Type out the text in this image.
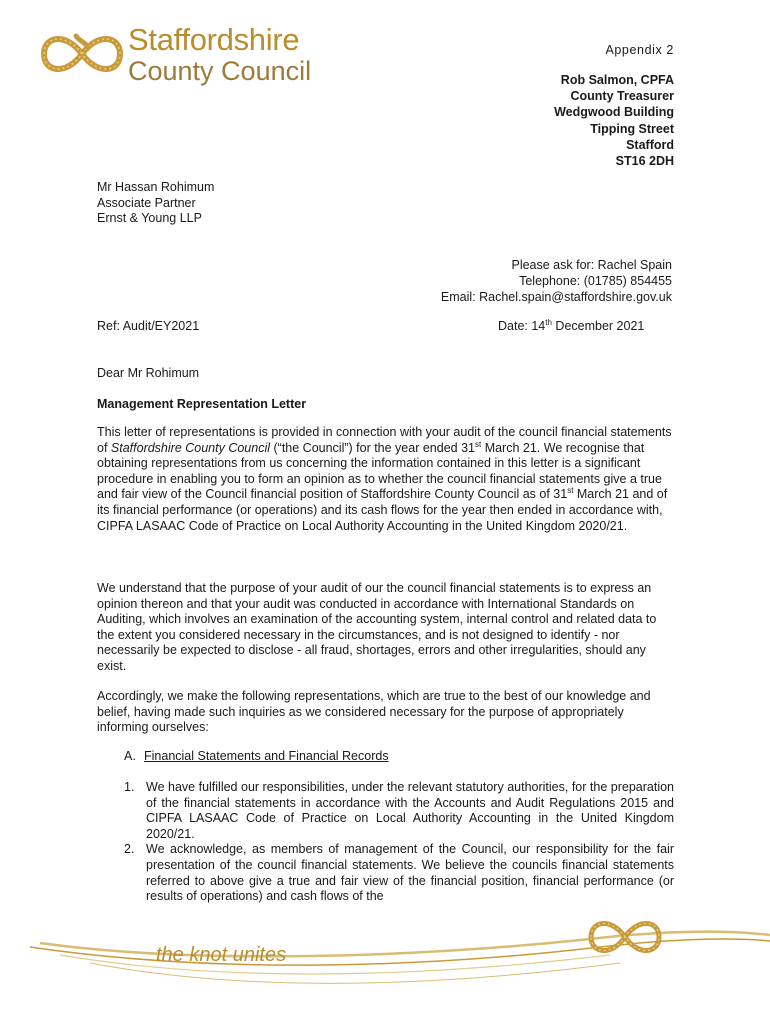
Staffordshire
County Council
Appendix 2
Rob Salmon, CPFA
County Treasurer
Wedgwood Building
Tipping Street
Stafford
ST16 2DH
Mr Hassan Rohimum
Associate Partner
Ernst & Young LLP
Please ask for: Rachel Spain
Telephone: (01785) 854455
Email: Rachel.spain@staffordshire.gov.uk
Ref: Audit/EY2021	Date: 14th December 2021
Dear Mr Rohimum
Management Representation Letter

This letter of representations is provided in connection with your audit of the council financial statements of Staffordshire County Council (“the Council”) for the year ended 31st March 21. We recognise that obtaining representations from us concerning the information contained in this letter is a significant procedure in enabling you to form an opinion as to whether the council financial statements give a true and fair view of the Council financial position of Staffordshire County Council as of 31st March 21 and of its financial performance (or operations) and its cash flows for the year then ended in accordance with, CIPFA LASAAC Code of Practice on Local Authority Accounting in the United Kingdom 2020/21.

We understand that the purpose of your audit of our the council financial statements is to express an opinion thereon and that your audit was conducted in accordance with International Standards on Auditing, which involves an examination of the accounting system, internal control and related data to the extent you considered necessary in the circumstances, and is not designed to identify - nor necessarily be expected to disclose - all fraud, shortages, errors and other irregularities, should any exist.

Accordingly, we make the following representations, which are true to the best of our knowledge and belief, having made such inquiries as we considered necessary for the purpose of appropriately informing ourselves:

A. Financial Statements and Financial Records
1. We have fulfilled our responsibilities, under the relevant statutory authorities, for the preparation of the financial statements in accordance with the Accounts and Audit Regulations 2015 and CIPFA LASAAC Code of Practice on Local Authority Accounting in the United Kingdom 2020/21.
2. We acknowledge, as members of management of the Council, our responsibility for the fair presentation of the council financial statements. We believe the councils financial statements referred to above give a true and fair view of the financial position, financial performance (or results of operations) and cash flows of the
the knot unites
